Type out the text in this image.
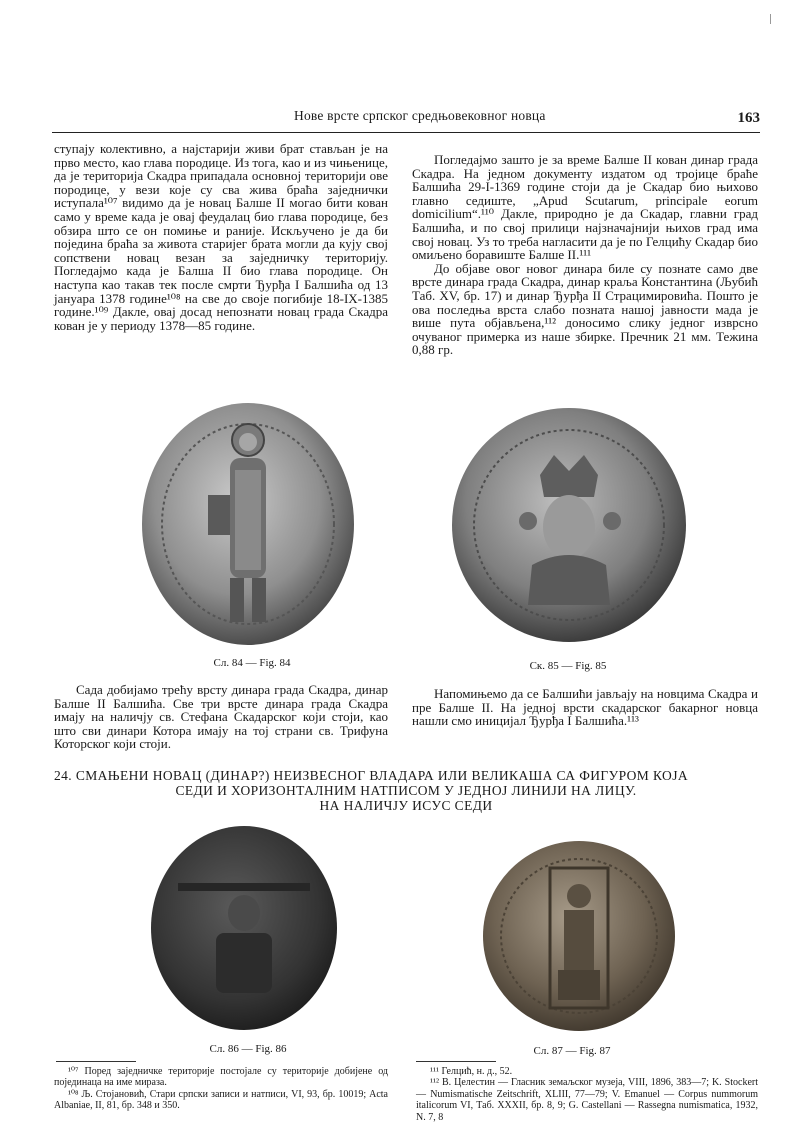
Нове врсте српског средњовековног новца	163

ступају колективно, а најстарији живи брат стављан је на прво место, као глава породице. Из тога, као и из чињенице, да је територија Скадра припадала основној територији ове породице, у вези које су сва жива браћа заједнички иступала¹⁰⁷ видимо да је новац Балше II могао бити кован само у време када је овај феудалац био глава породице, без обзира што се он помиње и раније. Искључено је да би поједина браћа за живота старијег брата могли да кују свој сопствени новац везан за заједничку територију. Погледајмо када је Балша II био глава породице. Он наступа као такав тек после смрти Ђурђа I Балшића од 13 јануара 1378 године¹⁰⁸ на све до своје погибије 18-IX-1385 године.¹⁰⁹ Дакле, овај досад непознати новац града Скадра кован је у периоду 1378—85 године.

Погледајмо зашто је за време Балше II кован динар града Скадра. На једном документу издатом од тројице браће Балшића 29-I-1369 године стоји да је Скадар био њихово главно седиште, „Apud Scutarum, principale eorum domicilium“.¹¹⁰ Дакле, природно је да Скадар, главни град Балшића, и по свој прилици најзначајнији њихов град има свој новац. Уз то треба нагласити да је по Гелцићу Скадар био омиљено боравиште Балше II.¹¹¹

До објаве овог новог динара биле су познате само две врсте динара града Скадра, динар краља Константина (Љубић Таб. XV, бр. 17) и динар Ђурђа II Страцимировића. Пошто је ова последња врста слабо позната нашој јавности мада је више пута објављена,¹¹² доносимо слику једног изврсно очуваног примерка из наше збирке. Пречник 21 мм. Тежина 0,88 гр.

Сл. 84 — Fig. 84	Ск. 85 — Fig. 85

Сада добијамо трећу врсту динара града Скадра, динар Балше II Балшића. Све три врсте динара града Скадра имају на наличју св. Стефана Скадарског који стоји, као што сви динари Котора имају на тој страни св. Трифуна Которског који стоји.

Напомињемо да се Балшићи јављају на новцима Скадра и пре Балше II. На једној врсти скадарског бакарног новца нашли смо иницијал Ђурђа I Балшића.¹¹³

24. СМАЊЕНИ НОВАЦ (ДИНАР?) НЕИЗВЕСНОГ ВЛАДАРА ИЛИ ВЕЛИКАША СА ФИГУРОМ КОЈА
СЕДИ И ХОРИЗОНТАЛНИМ НАТПИСОМ У ЈЕДНОЈ ЛИНИЈИ НА ЛИЦУ.
НА НАЛИЧЈУ ИСУС СЕДИ
Сл. 86 — Fig. 86	Сл. 87 — Fig. 87

¹⁰⁷ Поред заједничке територије постојале су територије добијене од појединаца на име мираза.

¹⁰⁸ Љ. Стојановић, Стари српски записи и натписи, VI, 93, бр. 10019; Acta Albaniae, II, 81, бр. 348 и 350.

¹¹¹ Гелцић, н. д., 52.

¹¹² В. Целестин — Гласник земаљског музеја, VIII, 1896, 383—7; K. Stockert — Numismatische Zeitschrift, XLIII, 77—79; V. Emanuel — Corpus nummorum italicorum VI, Таб. XXXII, бр. 8, 9; G. Castellani — Rassegna numismatica, 1932, N. 7, 8
